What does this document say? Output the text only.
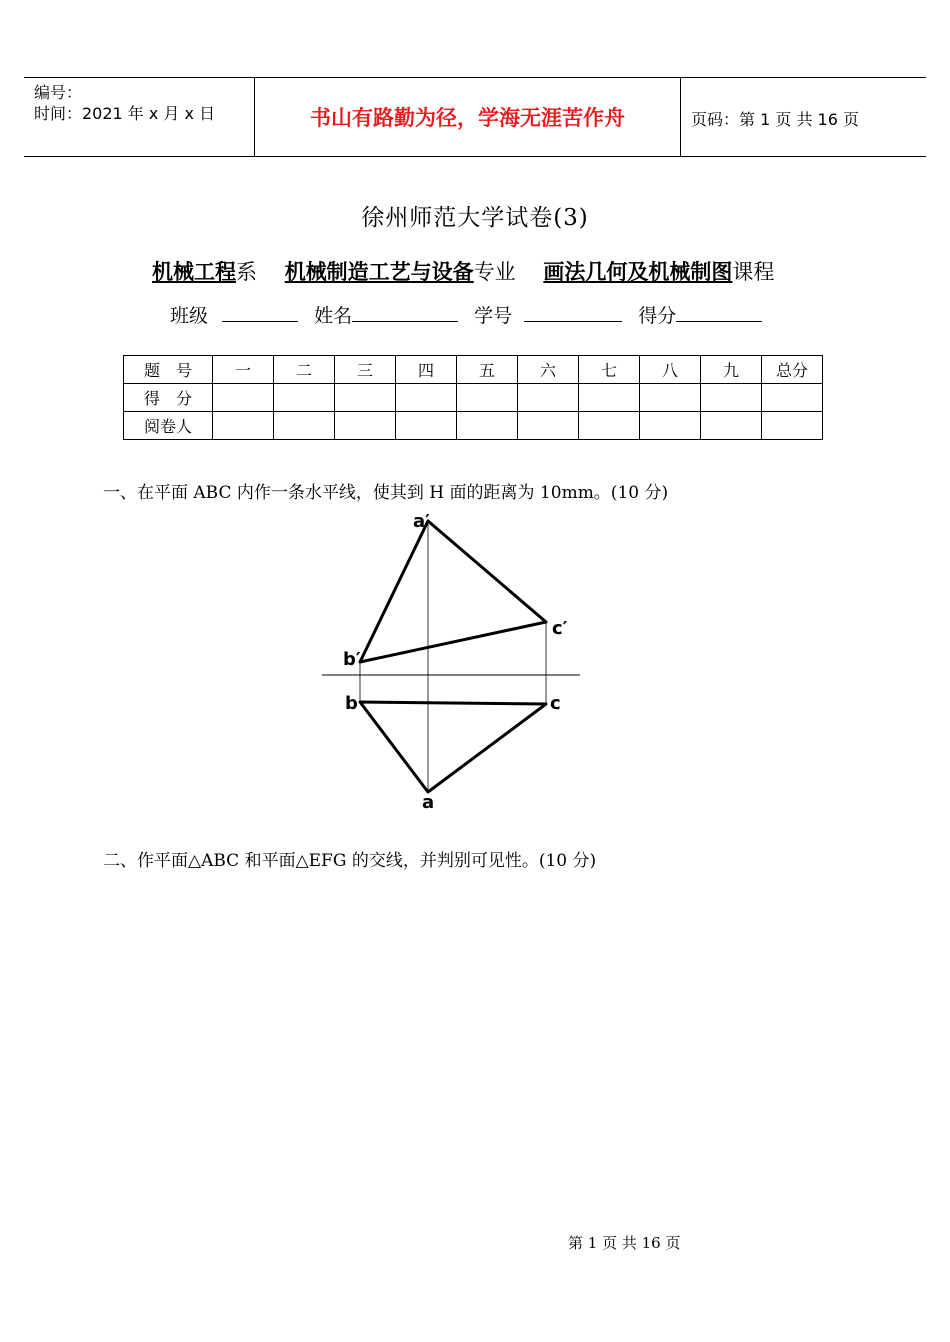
编号：
时间：2021 年 x 月 x 日	书山有路勤为径，学海无涯苦作舟	页码：第 1 页 共 16 页
徐州师范大学试卷(3)
机械工程系　 机械制造工艺与设备专业　 画法几何及机械制图课程
班级	姓名	学号	得分
题　号	一	二	三	四	五	六	七	八	九	总分
得　分										
阅卷人										
一、在平面 ABC 内作一条水平线，使其到 H 面的距离为 10mm。(10 分)
a′
b′
c′
b	c
a
二、作平面△ABC 和平面△EFG 的交线，并判别可见性。(10 分)
第 1 页 共 16 页
